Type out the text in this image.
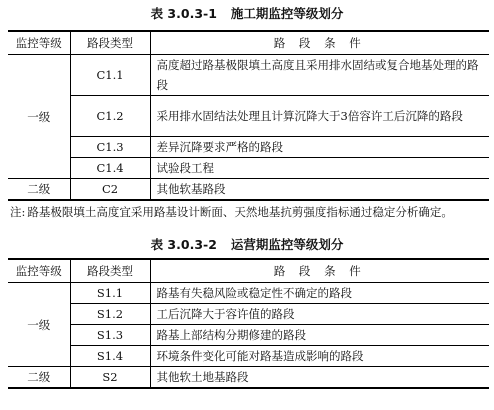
表 3.0.3-1 施工期监控等级划分
监控等级	路段类型	路 段 条 件
一级	C1.1	高度超过路基极限填土高度且采用排水固结或复合地基处理的路段
	C1.2	采用排水固结法处理且计算沉降大于3倍容许工后沉降的路段
	C1.3	差异沉降要求严格的路段
	C1.4	试验段工程
二级	C2	其他软基路段
注: 路基极限填土高度宜采用路基设计断面、天然地基抗剪强度指标通过稳定分析确定。
表 3.0.3-2 运营期监控等级划分
监控等级	路段类型	路 段 条 件
一级	S1.1	路基有失稳风险或稳定性不确定的路段
	S1.2	工后沉降大于容许值的路段
	S1.3	路基上部结构分期修建的路段
	S1.4	环境条件变化可能对路基造成影响的路段
二级	S2	其他软土地基路段
